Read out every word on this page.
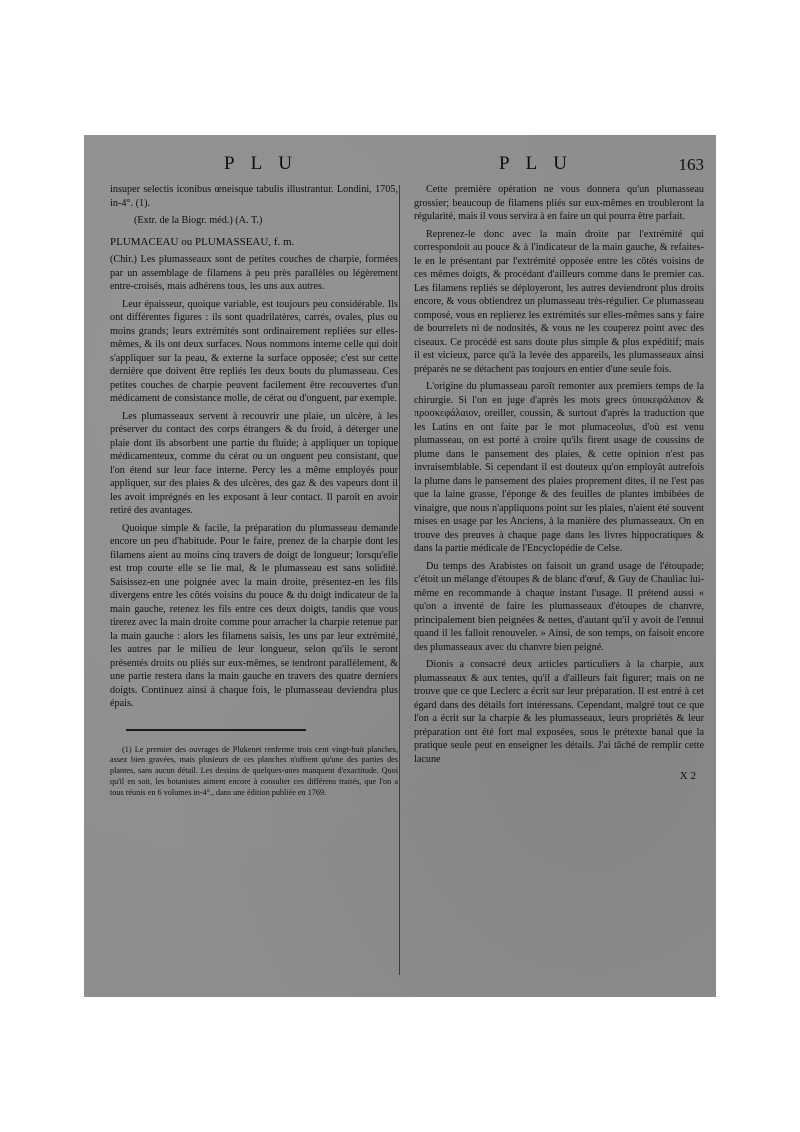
P L U	P L U	163

insuper selectis iconibus œneisque tabulis illustrantur. Londini, 1705, in-4°. (1).

(Extr. de la Biogr. méd.) (A. T.)

PLUMACEAU ou PLUMASSEAU, f. m.

(Chir.) Les plumasseaux sont de petites couches de charpie, formées par un assemblage de filamens à peu près parallèles ou légèrement entre-croisés, mais adhérens tous, les uns aux autres.

Leur épaisseur, quoique variable, est toujours peu considérable. Ils ont différentes figures : ils sont quadrilatères, carrés, ovales, plus ou moins grands; leurs extrémités sont ordinairement repliées sur elles-mêmes, & ils ont deux surfaces. Nous nommons interne celle qui doit s'appliquer sur la peau, & externe la surface opposée; c'est sur cette dernière que doivent être repliés les deux bouts du plumasseau. Ces petites couches de charpie peuvent facilement être recouvertes d'un médicament de consistance molle, de cérat ou d'onguent, par exemple.

Les plumasseaux servent à recouvrir une plaie, un ulcère, à les préserver du contact des corps étrangers & du froid, à déterger une plaie dont ils absorbent une partie du fluide; à appliquer un topique médicamenteux, comme du cérat ou un onguent peu consistant, que l'on étend sur leur face interne. Percy les a même employés pour appliquer, sur des plaies & des ulcères, des gaz & des vapeurs dont il les avoit imprégnés en les exposant à leur contact. Il paroît en avoir retiré des avantages.

Quoique simple & facile, la préparation du plumasseau demande encore un peu d'habitude. Pour le faire, prenez de la charpie dont les filamens aient au moins cinq travers de doigt de longueur; lorsqu'elle est trop courte elle se lie mal, & le plumasseau est sans solidité. Saisissez-en une poignée avec la main droite, présentez-en les fils divergens entre les côtés voisins du pouce & du doigt indicateur de la main gauche, retenez les fils entre ces deux doigts, tandis que vous tirerez avec la main droite comme pour arracher la charpie retenue par la main gauche : alors les filamens saisis, les uns par leur extrémité, les autres par le milieu de leur longueur, selon qu'ils le seront présentés droits ou pliés sur eux-mêmes, se tendront parallèlement, & une partie restera dans la main gauche en travers des quatre derniers doigts. Continuez ainsi à chaque fois, le plumasseau deviendra plus épais.

(1) Le premier des ouvrages de Plukenet renferme trois cent vingt-huit planches, assez bien gravées, mais plusieurs de ces planches n'offrent qu'une des parties des plantes, sans aucun détail. Les dessins de quelques-unes manquent d'exactitude. Quoi qu'il en soit, les botanistes aiment encore à consulter ces différens traités, que l'on a tous réunis en 6 volumes in-4°., dans une édition publiée en 1769.

Cette première opération ne vous donnera qu'un plumasseau grossier; beaucoup de filamens pliés sur eux-mêmes en troubleront la régularité, mais il vous servira à en faire un qui pourra être parfait.

Reprenez-le donc avec la main droite par l'extrémité qui correspondoit au pouce & à l'indicateur de la main gauche, & refaites-le en le présentant par l'extrémité opposée entre les côtés voisins de ces mêmes doigts, & procédant d'ailleurs comme dans le premier cas. Les filamens repliés se déployeront, les autres deviendront plus droits encore, & vous obtiendrez un plumasseau très-régulier. Ce plumasseau composé, vous en replierez les extrémités sur elles-mêmes sans y faire de bourrelets ni de nodosités, & vous ne les couperez point avec des ciseaux. Ce procédé est sans doute plus simple & plus expéditif; mais il est vicieux, parce qu'à la levée des appareils, les plumasseaux ainsi préparés ne se détachent pas toujours en entier d'une seule fois.

L'origine du plumasseau paroît remonter aux premiers temps de la chirurgie. Si l'on en juge d'après les mots grecs ὑποκεφάλαιον & προσκεφάλαιον, oreiller, coussin, & surtout d'après la traduction que les Latins en ont faite par le mot plumaceolus, d'où est venu plumasseau, on est porté à croire qu'ils firent usage de coussins de plume dans le pansement des plaies, & cette opinion n'est pas invraisemblable. Si cependant il est douteux qu'on employât autrefois la plume dans le pansement des plaies proprement dites, il ne l'est pas que la laine grasse, l'éponge & des feuilles de plantes imbibées de vinaigre, que nous n'appliquons point sur les plaies, n'aient été souvent mises en usage par les Anciens, à la manière des plumasseaux. On en trouve des preuves à chaque page dans les livres hippocratiques & dans la partie médicale de l'Encyclopédie de Celse.

Du temps des Arabistes on faisoit un grand usage de l'étoupade; c'étoit un mélange d'étoupes & de blanc d'œuf, & Guy de Chauliac lui-même en recommande à chaque instant l'usage. Il prétend aussi « qu'on a inventé de faire les plumasseaux d'étoupes de chanvre, principalement bien peignées & nettes, d'autant qu'il y avoit de l'ennui quand il les falloit renouveler. » Ainsi, de son temps, on faisoit encore des plumasseaux avec du chanvre bien peigné.

Dionis a consacré deux articles particuliers à la charpie, aux plumasseaux & aux tentes, qu'il a d'ailleurs fait figurer; mais on ne trouve que ce que Leclerc a écrit sur leur préparation. Il est entré à cet égard dans des détails fort intéressans. Cependant, malgré tout ce que l'on a écrit sur la charpie & les plumasseaux, leurs propriétés & leur préparation ont été fort mal exposées, sous le prétexte banal que la pratique seule peut en enseigner les détails. J'ai tâché de remplir cette lacune

X 2
